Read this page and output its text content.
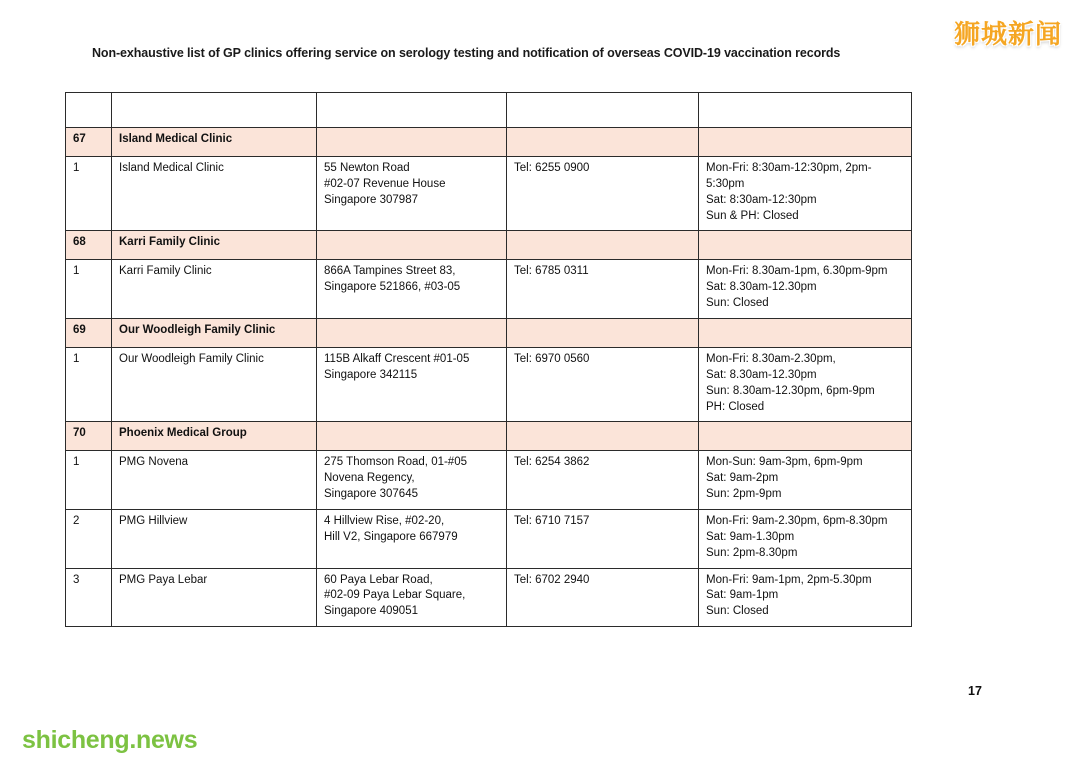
Non-exhaustive list of GP clinics offering service on serology testing and notification of overseas COVID-19 vaccination records

67	Island Medical Clinic			
1	Island Medical Clinic	55 Newton Road
#02-07 Revenue House
Singapore 307987	Tel: 6255 0900	Mon-Fri: 8:30am-12:30pm, 2pm-5:30pm
Sat: 8:30am-12:30pm
Sun & PH: Closed

68	Karri Family Clinic			
1	Karri Family Clinic	866A Tampines Street 83,
Singapore 521866, #03-05	Tel: 6785 0311	Mon-Fri: 8.30am-1pm, 6.30pm-9pm
Sat: 8.30am-12.30pm
Sun: Closed

69	Our Woodleigh Family Clinic			
1	Our Woodleigh Family Clinic	115B Alkaff Crescent #01-05
Singapore 342115	Tel: 6970 0560	Mon-Fri: 8.30am-2.30pm,
Sat: 8.30am-12.30pm
Sun: 8.30am-12.30pm, 6pm-9pm
PH: Closed

70	Phoenix Medical Group			
1	PMG Novena	275 Thomson Road, 01-#05
Novena Regency,
Singapore 307645	Tel: 6254 3862	Mon-Sun: 9am-3pm, 6pm-9pm
Sat: 9am-2pm
Sun: 2pm-9pm

2	PMG Hillview	4 Hillview Rise, #02-20,
Hill V2, Singapore 667979	Tel: 6710 7157	Mon-Fri: 9am-2.30pm, 6pm-8.30pm
Sat: 9am-1.30pm
Sun: 2pm-8.30pm

3	PMG Paya Lebar	60 Paya Lebar Road,
#02-09 Paya Lebar Square,
Singapore 409051	Tel: 6702 2940	Mon-Fri: 9am-1pm, 2pm-5.30pm
Sat: 9am-1pm
Sun: Closed
17
狮城新闻
shicheng.news
